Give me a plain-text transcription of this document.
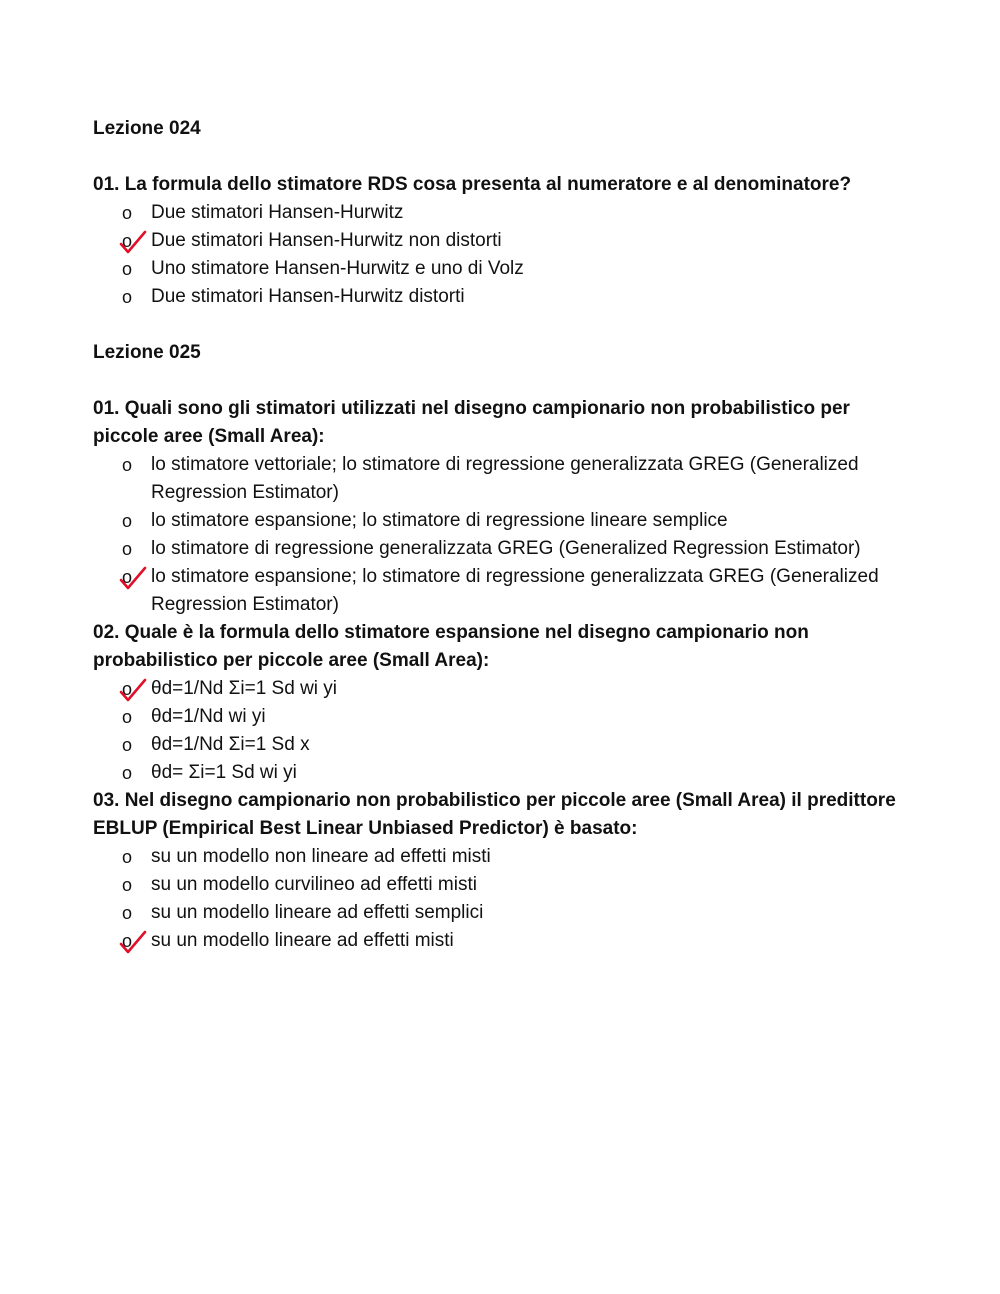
Lezione 024
01. La formula dello stimatore RDS cosa presenta al numeratore e al denominatore?
o Due stimatori Hansen-Hurwitz
o Due stimatori Hansen-Hurwitz non distorti
o Uno stimatore Hansen-Hurwitz e uno di Volz
o Due stimatori Hansen-Hurwitz distorti
Lezione 025
01. Quali sono gli stimatori utilizzati nel disegno campionario non probabilistico per piccole aree (Small Area):
o lo stimatore vettoriale; lo stimatore di regressione generalizzata GREG (Generalized Regression Estimator)
o lo stimatore espansione; lo stimatore di regressione lineare semplice
o lo stimatore di regressione generalizzata GREG (Generalized Regression Estimator)
o lo stimatore espansione; lo stimatore di regressione generalizzata GREG (Generalized Regression Estimator)
02. Quale è la formula dello stimatore espansione nel disegno campionario non probabilistico per piccole aree (Small Area):
o θd=1/Nd Σi=1 Sd wi yi
o θd=1/Nd wi yi
o θd=1/Nd Σi=1 Sd x
o θd= Σi=1 Sd wi yi
03. Nel disegno campionario non probabilistico per piccole aree (Small Area) il predittore EBLUP (Empirical Best Linear Unbiased Predictor) è basato:
o su un modello non lineare ad effetti misti
o su un modello curvilineo ad effetti misti
o su un modello lineare ad effetti semplici
o su un modello lineare ad effetti misti
